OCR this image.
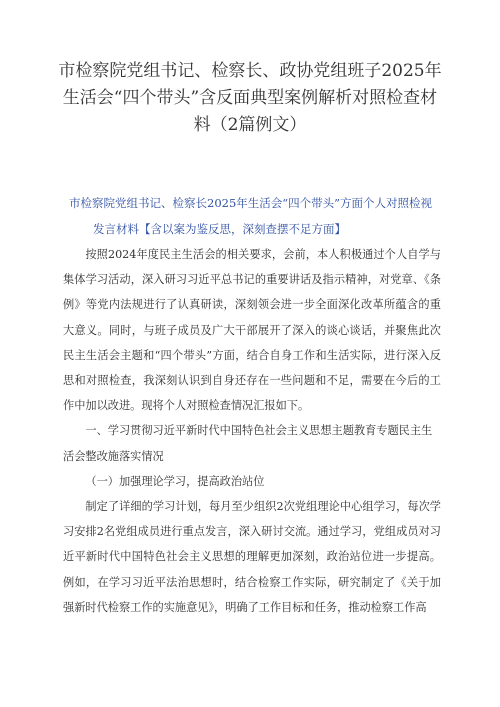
市检察院党组书记、检察长、政协党组班子2025年
生活会“四个带头”含反面典型案例解析对照检查材
料（2篇例文）
市检察院党组书记、检察长2025年生活会“四个带头”方面个人对照检视
发言材料【含以案为鉴反思，深刻查摆不足方面】

按照2024年度民主生活会的相关要求，会前，本人积极通过个人自学与集体学习活动，深入研习习近平总书记的重要讲话及指示精神，对党章、《条例》等党内法规进行了认真研读，深刻领会进一步全面深化改革所蕴含的重大意义。同时，与班子成员及广大干部展开了深入的谈心谈话，并聚焦此次民主生活会主题和“四个带头”方面，结合自身工作和生活实际，进行深入反思和对照检查，我深刻认识到自身还存在一些问题和不足，需要在今后的工作中加以改进。现将个人对照检查情况汇报如下。

一、学习贯彻习近平新时代中国特色社会主义思想主题教育专题民主生活会整改施落实情况

（一）加强理论学习，提高政治站位

制定了详细的学习计划，每月至少组织2次党组理论中心组学习，每次学习安排2名党组成员进行重点发言，深入研讨交流。通过学习，党组成员对习近平新时代中国特色社会主义思想的理解更加深刻，政治站位进一步提高。例如，在学习习近平法治思想时，结合检察工作实际，研究制定了《关于加强新时代检察工作的实施意见》，明确了工作目标和任务，推动检察工作高
